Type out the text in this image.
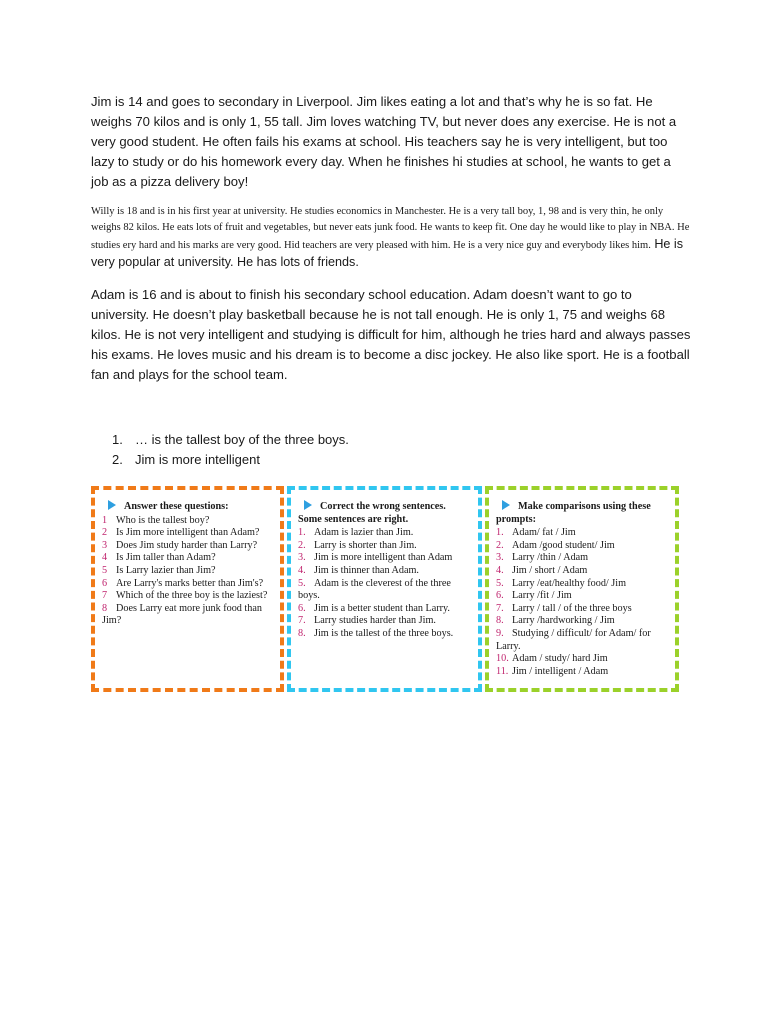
Jim is 14 and goes to secondary in Liverpool. Jim likes eating a lot and that’s why he is so fat. He weighs 70 kilos and is only 1, 55 tall. Jim loves watching TV, but never does any exercise. He is not a very good student. He often fails his exams at school. His teachers say he is very intelligent, but too lazy to study or do his homework every day. When he finishes hi studies at school, he wants to get a job as a pizza delivery boy!

Willy is 18 and is in his first year at university. He studies economics in Manchester. He is a very tall boy, 1, 98 and is very thin, he only weighs 82 kilos. He eats lots of fruit and vegetables, but never eats junk food. He wants to keep fit. One day he would like to play in NBA. He studies ery hard and his marks are very good. Hid teachers are very pleased with him. He is a very nice guy and everybody likes him. He is very popular at university. He has lots of friends.

Adam is 16 and is about to finish his secondary school education. Adam doesn’t want to go to university. He doesn’t play basketball because he is not tall enough. He is only 1, 75 and weighs 68 kilos. He is not very intelligent and studying is difficult for him, although he tries hard and always passes his exams. He loves music and his dream is to become a disc jockey. He also like sport. He is a football fan and plays for the school team.

1. … is the tallest boy of the three boys.
2. Jim is more intelligent
Answer these questions:
1 Who is the tallest boy?
2 Is Jim more intelligent than Adam?
3 Does Jim study harder than Larry?
4 Is Jim taller than Adam?
5 Is Larry lazier than Jim?
6 Are Larry's marks better than Jim's?
7 Which of the three boy is the laziest?
8 Does Larry eat more junk food than Jim?
Correct the wrong sentences. Some sentences are right.
1. Adam is lazier than Jim.
2. Larry is shorter than Jim.
3. Jim is more intelligent than Adam
4. Jim is thinner than Adam.
5. Adam is the cleverest of the three boys.
6. Jim is a better student than Larry.
7. Larry studies harder than Jim.
8. Jim is the tallest of the three boys.
Make comparisons using these prompts:
1. Adam/ fat / Jim
2. Adam /good student/ Jim
3. Larry /thin / Adam
4. Jim / short / Adam
5. Larry /eat/healthy food/ Jim
6. Larry /fit / Jim
7. Larry / tall / of the three boys
8. Larry /hardworking / Jim
9. Studying / difficult/ for Adam/ for Larry.
10. Adam / study/ hard Jim
11. Jim / intelligent / Adam
